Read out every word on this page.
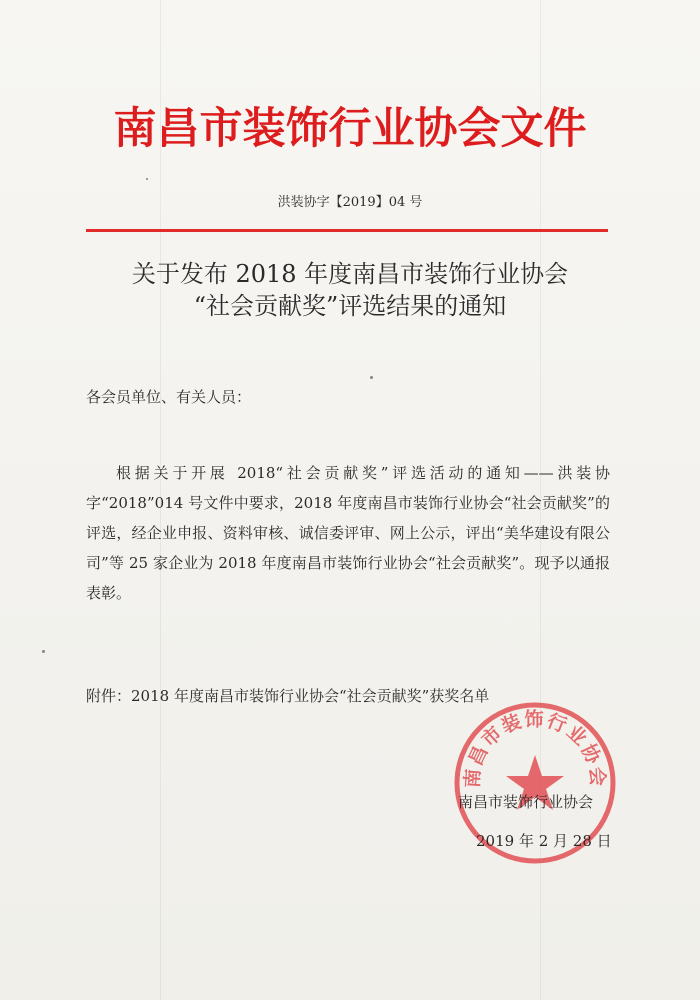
南昌市装饰行业协会文件
洪装协字【2019】04 号
关于发布 2018 年度南昌市装饰行业协会
“社会贡献奖”评选结果的通知
各会员单位、有关人员：
根据关于开展 2018“社会贡献奖”评选活动的通知——洪装协字“2018”014 号文件中要求，2018 年度南昌市装饰行业协会“社会贡献奖”的评选，经企业申报、资料审核、诚信委评审、网上公示，评出“美华建设有限公司”等 25 家企业为 2018 年度南昌市装饰行业协会“社会贡献奖”。现予以通报表彰。
附件：2018 年度南昌市装饰行业协会“社会贡献奖”获奖名单
南昌市装饰行业协会
南昌市装饰行业协会
2019 年 2 月 28 日
